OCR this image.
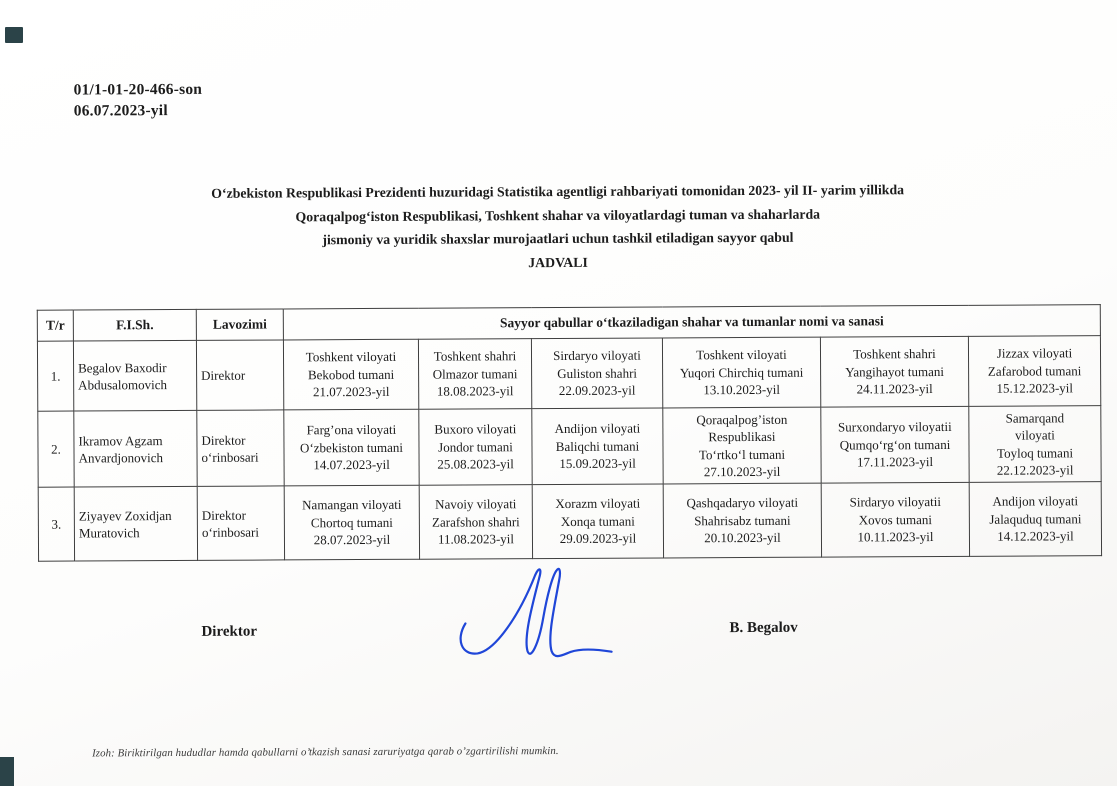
01/1-01-20-466-son
06.07.2023-yil
O‘zbekiston Respublikasi Prezidenti huzuridagi Statistika agentligi rahbariyati tomonidan 2023- yil II- yarim yillikda
Qoraqalpog‘iston Respublikasi, Toshkent shahar va viloyatlardagi tuman va shaharlarda
jismoniy va yuridik shaxslar murojaatlari uchun tashkil etiladigan sayyor qabul
JADVALI
T/r	F.I.Sh.	Lavozimi	Sayyor qabullar o‘tkaziladigan shahar va tumanlar nomi va sanasi					
1.	Begalov Baxodir
Abdusalomovich	Direktor	Toshkent viloyati
Bekobod tumani
21.07.2023-yil	Toshkent shahri
Olmazor tumani
18.08.2023-yil	Sirdaryo viloyati
Guliston shahri
22.09.2023-yil	Toshkent viloyati
Yuqori Chirchiq tumani
13.10.2023-yil	Toshkent shahri
Yangihayot tumani
24.11.2023-yil	Jizzax viloyati
Zafarobod tumani
15.12.2023-yil
2.	Ikramov Agzam
Anvardjonovich	Direktor
o‘rinbosari	Farg’ona viloyati
O‘zbekiston tumani
14.07.2023-yil	Buxoro viloyati
Jondor tumani
25.08.2023-yil	Andijon viloyati
Baliqchi tumani
15.09.2023-yil	Qoraqalpog’iston
Respublikasi
To‘rtko‘l tumani
27.10.2023-yil	Surxondaryo viloyatii
Qumqo‘rg‘on tumani
17.11.2023-yil	Samarqand
viloyati
Toyloq tumani
22.12.2023-yil
3.	Ziyayev Zoxidjan
Muratovich	Direktor
o‘rinbosari	Namangan viloyati
Chortoq tumani
28.07.2023-yil	Navoiy viloyati
Zarafshon shahri
11.08.2023-yil	Xorazm viloyati
Xonqa tumani
29.09.2023-yil	Qashqadaryo viloyati
Shahrisabz tumani
20.10.2023-yil	Sirdaryo viloyatii
Xovos tumani
10.11.2023-yil	Andijon viloyati
Jalaquduq tumani
14.12.2023-yil
Direktor	B. Begalov
Izoh: Biriktirilgan hududlar hamda qabullarni o’tkazish sanasi zaruriyatga qarab o’zgartirilishi mumkin.
